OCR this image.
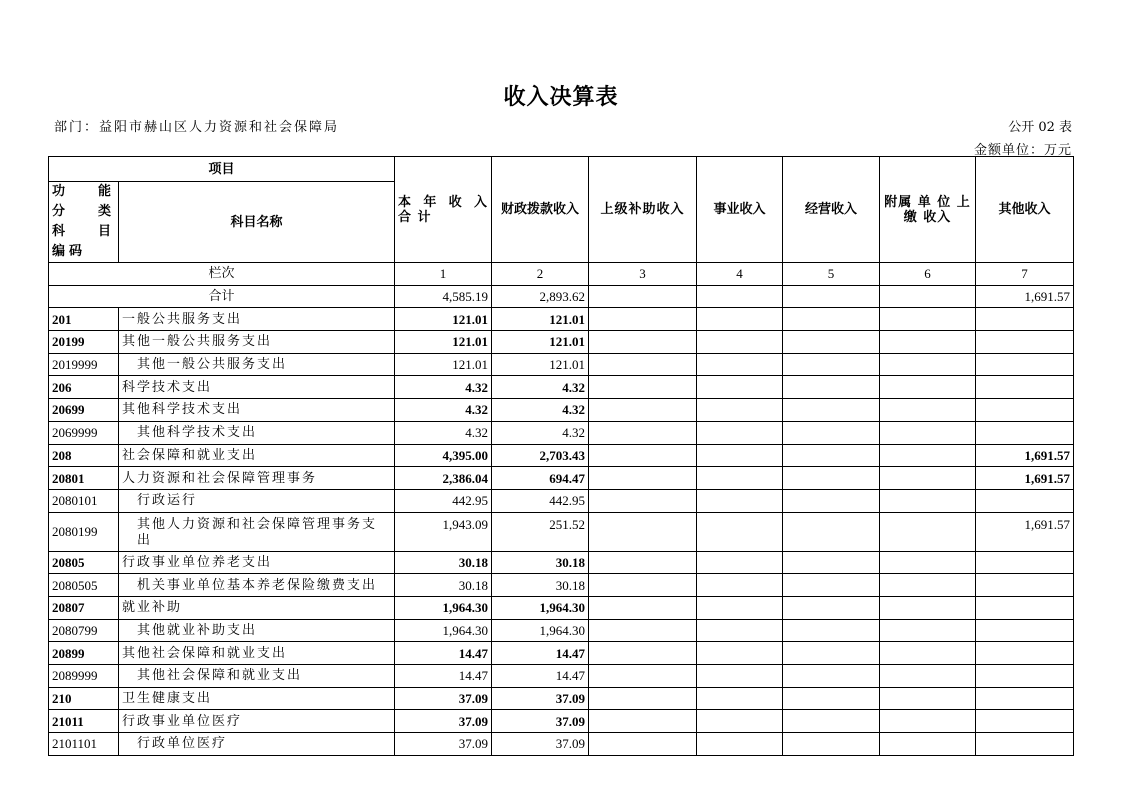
收入决算表
部门：益阳市赫山区人力资源和社会保障局	公开 02 表
金额单位：万元
项目		本 年 收 入 合 计	财政拨款收入	上级补助收入	事业收入	经营收入	附属 单 位 上 缴 收入	其他收入
功 能 分 类 科 目 编码	科目名称							
栏次		1	2	3	4	5	6	7
合计		4,585.19	2,893.62					1,691.57
201	一般公共服务支出	121.01	121.01					
20199	其他一般公共服务支出	121.01	121.01					
2019999	其他一般公共服务支出	121.01	121.01					
206	科学技术支出	4.32	4.32					
20699	其他科学技术支出	4.32	4.32					
2069999	其他科学技术支出	4.32	4.32					
208	社会保障和就业支出	4,395.00	2,703.43					1,691.57
20801	人力资源和社会保障管理事务	2,386.04	694.47					1,691.57
2080101	行政运行	442.95	442.95					
2080199	其他人力资源和社会保障管理事务支出	1,943.09	251.52					1,691.57
20805	行政事业单位养老支出	30.18	30.18					
2080505	机关事业单位基本养老保险缴费支出	30.18	30.18					
20807	就业补助	1,964.30	1,964.30					
2080799	其他就业补助支出	1,964.30	1,964.30					
20899	其他社会保障和就业支出	14.47	14.47					
2089999	其他社会保障和就业支出	14.47	14.47					
210	卫生健康支出	37.09	37.09					
21011	行政事业单位医疗	37.09	37.09					
2101101	行政单位医疗	37.09	37.09					
